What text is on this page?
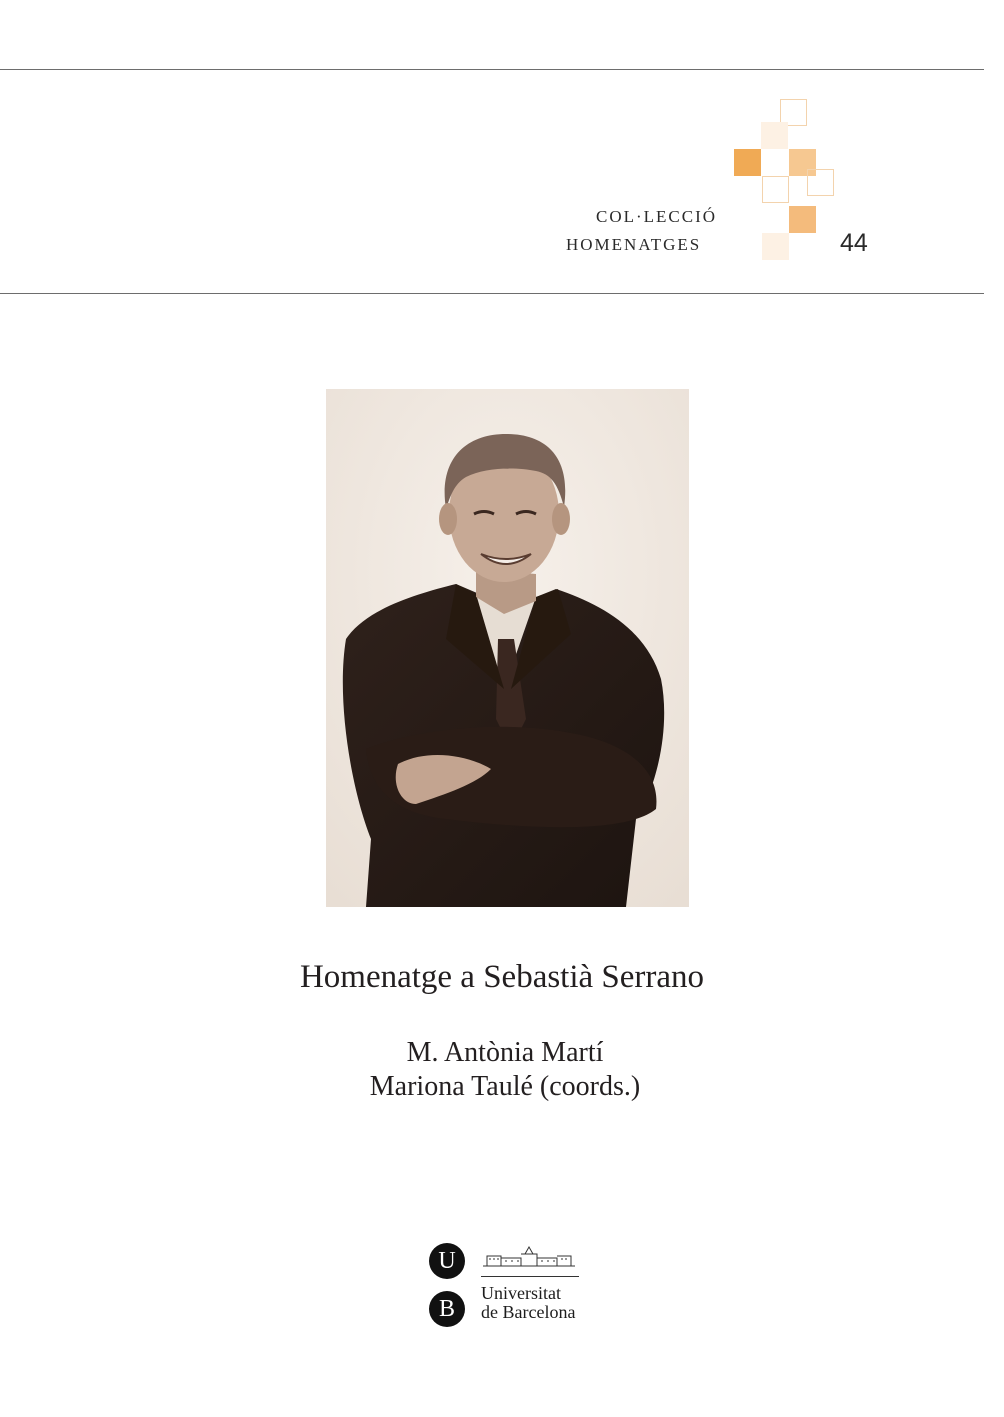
COL·LECCIÓ
HOMENATGES	44
Homenatge a Sebastià Serrano
M. Antònia Martí
Mariona Taulé (coords.)
U
B
Universitat
de Barcelona
